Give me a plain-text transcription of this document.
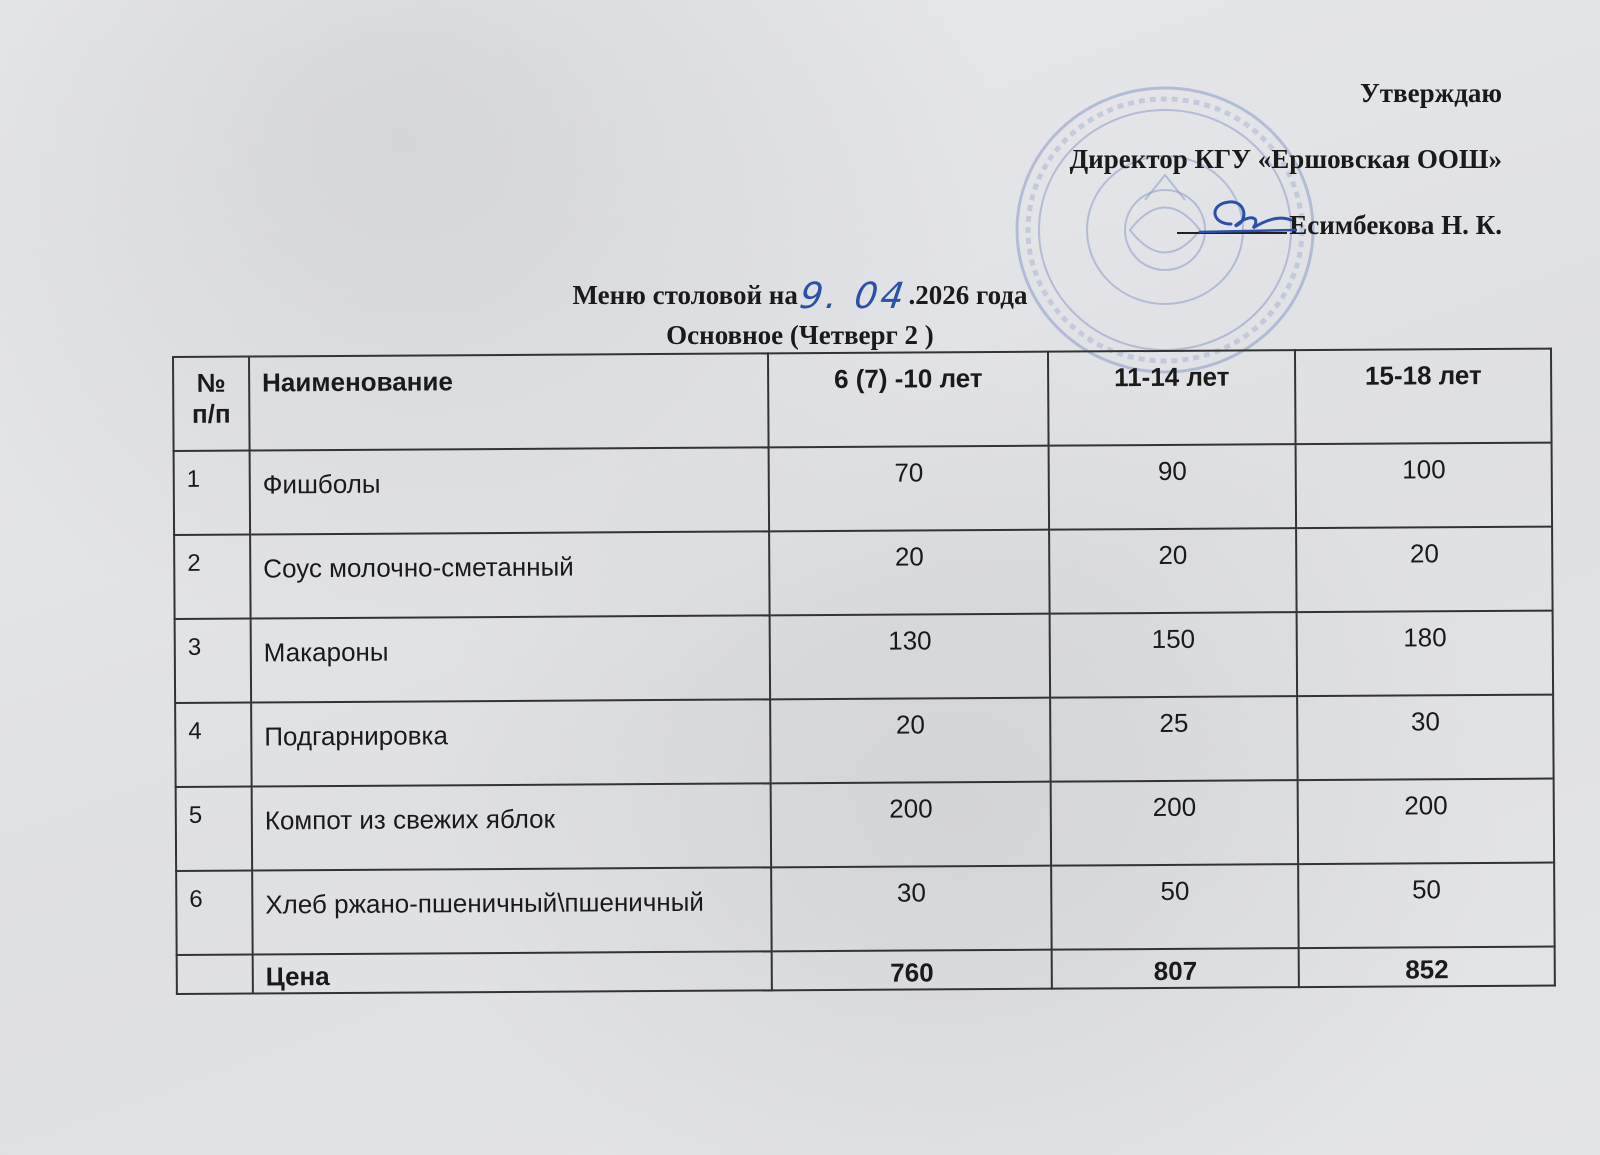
Утверждаю
Директор КГУ «Ершовская ООШ»
Есимбекова Н. К.
Меню столовой на9. 04.2026 года
Основное (Четверг 2 )
№ п/п	Наименование	6 (7) -10 лет	11-14 лет	15-18 лет
1	Фишболы	70	90	100
2	Соус молочно-сметанный	20	20	20
3	Макароны	130	150	180
4	Подгарнировка	20	25	30
5	Компот из свежих яблок	200	200	200
6	Хлеб ржано-пшеничный\пшеничный	30	50	50
	Цена	760	807	852
